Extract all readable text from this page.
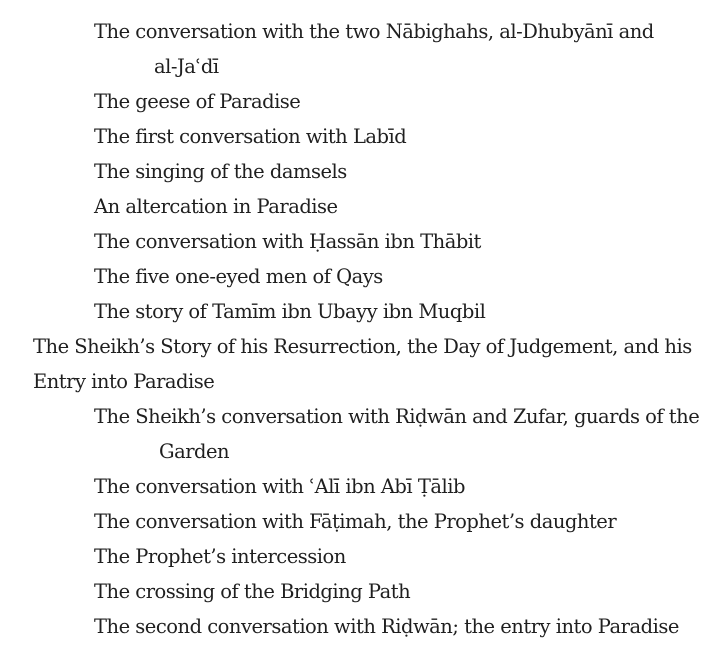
The conversation with the two Nābighahs, al-Dhubyānī and
al-Jaʿdī
The geese of Paradise
The first conversation with Labīd
The singing of the damsels
An altercation in Paradise
The conversation with Ḥassān ibn Thābit
The five one-eyed men of Qays
The story of Tamīm ibn Ubayy ibn Muqbil
The Sheikh’s Story of his Resurrection, the Day of Judgement, and his
Entry into Paradise
The Sheikh’s conversation with Riḍwān and Zufar, guards of the
Garden
The conversation with ʿAlī ibn Abī Ṭālib
The conversation with Fāṭimah, the Prophet’s daughter
The Prophet’s intercession
The crossing of the Bridging Path
The second conversation with Riḍwān; the entry into Paradise
